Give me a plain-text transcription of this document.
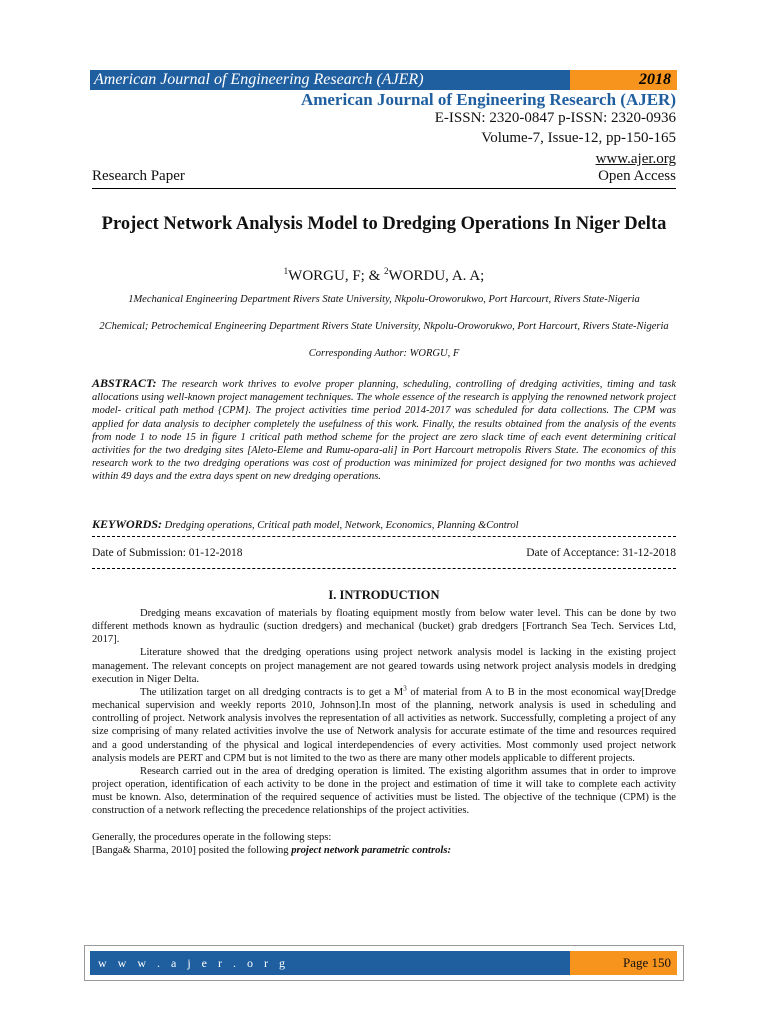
American Journal of Engineering Research (AJER)	2018
American Journal of Engineering Research (AJER)
E-ISSN: 2320-0847 p-ISSN: 2320-0936
Volume-7, Issue-12, pp-150-165
www.ajer.org
Research Paper	Open Access
Project Network Analysis Model to Dredging Operations In Niger Delta
$^1$WORGU, F; & $^2$WORDU, A. A;
1Mechanical Engineering Department Rivers State University, Nkpolu-Oroworukwo, Port Harcourt, Rivers State-Nigeria
2Chemical; Petrochemical Engineering Department Rivers State University, Nkpolu-Oroworukwo, Port Harcourt, Rivers State-Nigeria
Corresponding Author: WORGU, F
ABSTRACT: The research work thrives to evolve proper planning, scheduling, controlling of dredging activities, timing and task allocations using well-known project management techniques. The whole essence of the research is applying the renowned network project model- critical path method {CPM}. The project activities time period 2014-2017 was scheduled for data collections. The CPM was applied for data analysis to decipher completely the usefulness of this work. Finally, the results obtained from the analysis of the events from node 1 to node 15 in figure 1 critical path method scheme for the project are zero slack time of each event determining critical activities for the two dredging sites [Aleto-Eleme and Rumu-opara-ali] in Port Harcourt metropolis Rivers State. The economics of this research work to the two dredging operations was cost of production was minimized for project designed for two months was achieved within 49 days and the extra days spent on new dredging operations.
KEYWORDS: Dredging operations, Critical path model, Network, Economics, Planning &Control
Date of Submission: 01-12-2018	Date of Acceptance: 31-12-2018
I. INTRODUCTION

Dredging means excavation of materials by floating equipment mostly from below water level. This can be done by two different methods known as hydraulic (suction dredgers) and mechanical (bucket) grab dredgers [Fortranch Sea Tech. Services Ltd, 2017].

Literature showed that the dredging operations using project network analysis model is lacking in the existing project management. The relevant concepts on project management are not geared towards using network project analysis models in dredging execution in Niger Delta.

The utilization target on all dredging contracts is to get a $M^3$ of material from A to B in the most economical way[Dredge mechanical supervision and weekly reports 2010, Johnson].In most of the planning, network analysis is used in scheduling and controlling of project. Network analysis involves the representation of all activities as network. Successfully, completing a project of any size comprising of many related activities involve the use of Network analysis for accurate estimate of the time and resources required and a good understanding of the physical and logical interdependencies of every activities. Most commonly used project network analysis models are PERT and CPM but is not limited to the two as there are many other models applicable to different projects.

Research carried out in the area of dredging operation is limited. The existing algorithm assumes that in order to improve project operation, identification of each activity to be done in the project and estimation of time it will take to complete each activity must be known. Also, determination of the required sequence of activities must be listed. The objective of the technique (CPM) is the construction of a network reflecting the precedence relationships of the project activities.

Generally, the procedures operate in the following steps:

[Banga& Sharma, 2010] posited the following project network parametric controls:

w w w . a j e r . o r g	Page 150
